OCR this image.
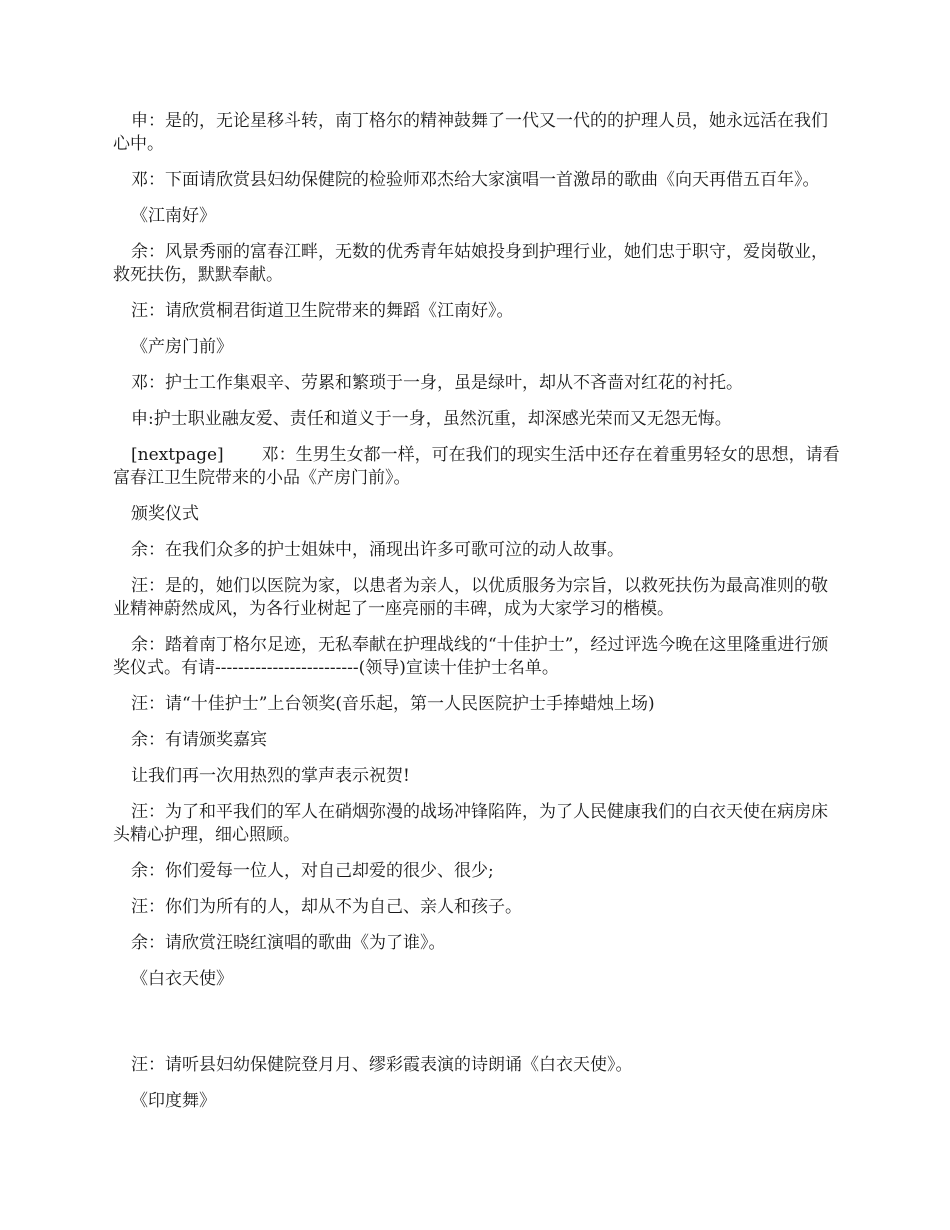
申：是的，无论星移斗转，南丁格尔的精神鼓舞了一代又一代的的护理人员，她永远活在我们心中。

邓：下面请欣赏县妇幼保健院的检验师邓杰给大家演唱一首激昂的歌曲《向天再借五百年》。

《江南好》

余：风景秀丽的富春江畔，无数的优秀青年姑娘投身到护理行业，她们忠于职守，爱岗敬业，救死扶伤，默默奉献。

汪：请欣赏桐君街道卫生院带来的舞蹈《江南好》。

《产房门前》

邓：护士工作集艰辛、劳累和繁琐于一身，虽是绿叶，却从不吝啬对红花的衬托。

申:护士职业融友爱、责任和道义于一身，虽然沉重，却深感光荣而又无怨无悔。

[nextpage] 邓：生男生女都一样，可在我们的现实生活中还存在着重男轻女的思想，请看富春江卫生院带来的小品《产房门前》。

颁奖仪式

余：在我们众多的护士姐妹中，涌现出许多可歌可泣的动人故事。

汪：是的，她们以医院为家，以患者为亲人，以优质服务为宗旨，以救死扶伤为最高准则的敬业精神蔚然成风，为各行业树起了一座亮丽的丰碑，成为大家学习的楷模。

余：踏着南丁格尔足迹，无私奉献在护理战线的“十佳护士”，经过评选今晚在这里隆重进行颁奖仪式。有请-------------------------(领导)宣读十佳护士名单。

汪：请“十佳护士”上台领奖(音乐起，第一人民医院护士手捧蜡烛上场)

余：有请颁奖嘉宾

让我们再一次用热烈的掌声表示祝贺!

汪：为了和平我们的军人在硝烟弥漫的战场冲锋陷阵，为了人民健康我们的白衣天使在病房床头精心护理，细心照顾。

余：你们爱每一位人，对自己却爱的很少、很少;

汪：你们为所有的人，却从不为自己、亲人和孩子。

余：请欣赏汪晓红演唱的歌曲《为了谁》。

《白衣天使》

汪：请听县妇幼保健院登月月、缪彩霞表演的诗朗诵《白衣天使》。

《印度舞》
